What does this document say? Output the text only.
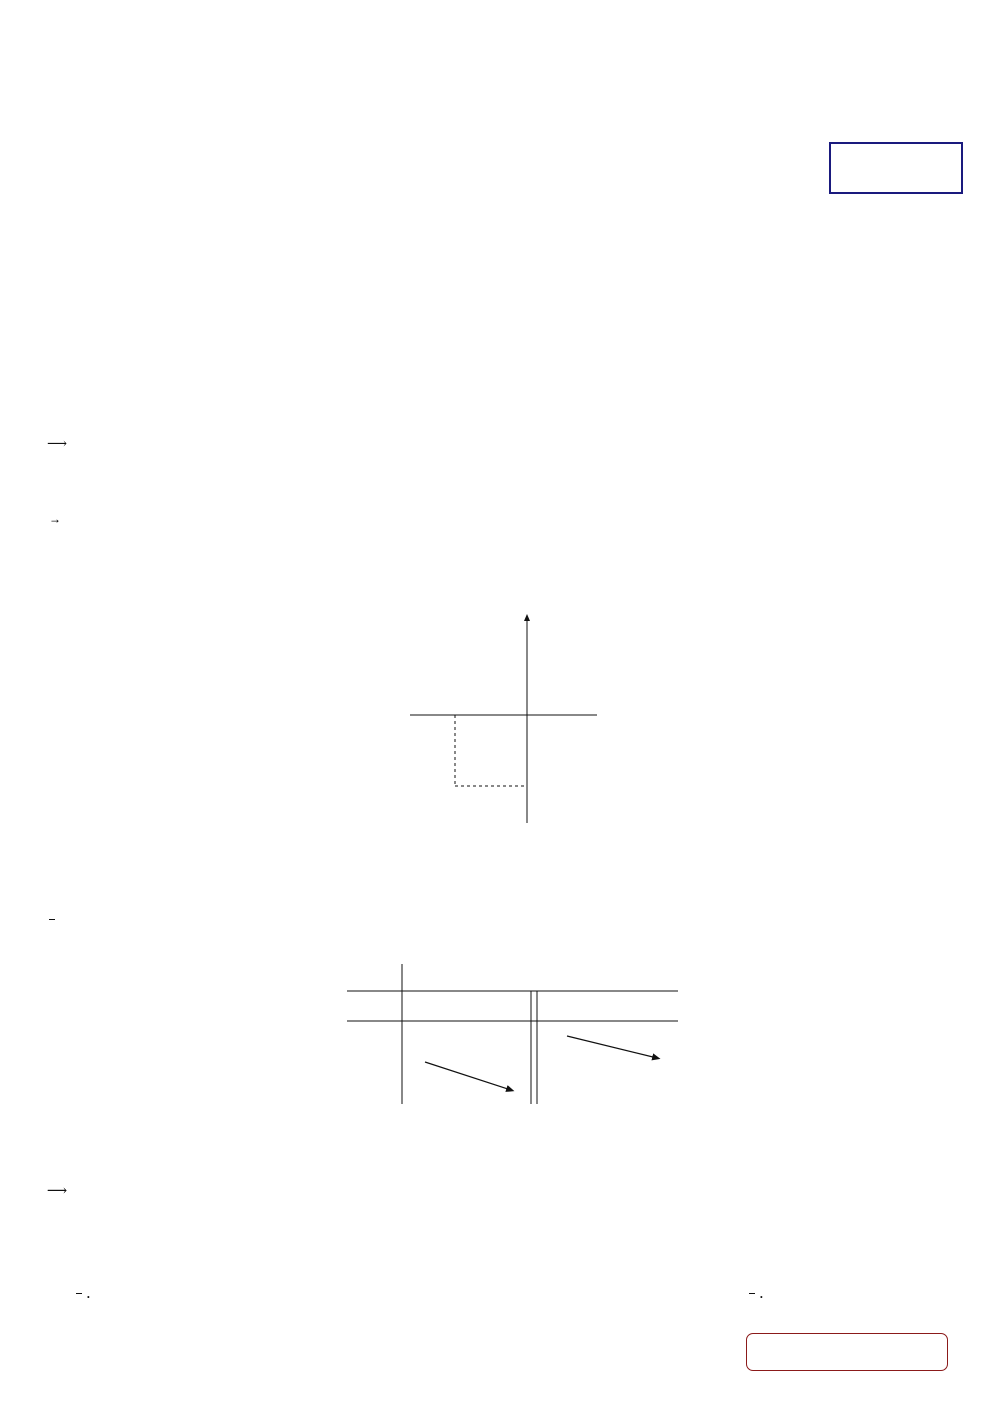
.	.
